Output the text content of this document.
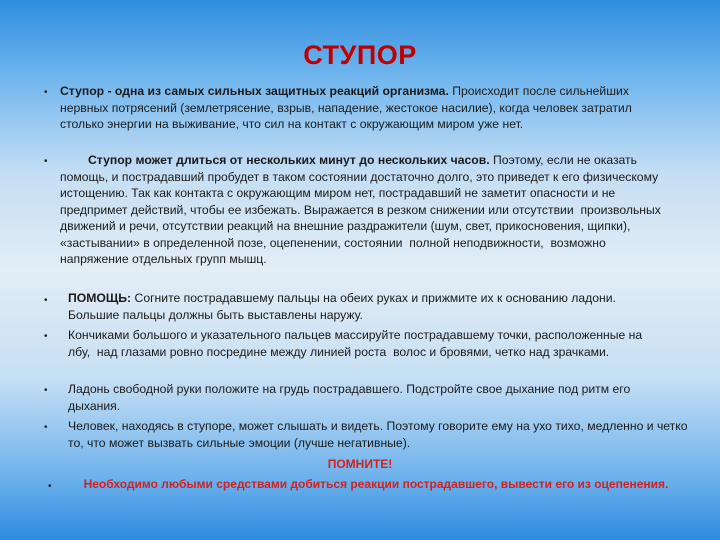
СТУПОР
• Ступор - одна из самых сильных защитных реакций организма. Происходит после сильнейших нервных потрясений (землетрясение, взрыв, нападение, жестокое насилие), когда человек затратил столько энергии на выживание, что сил на контакт с окружающим миром уже нет.
•	Ступор может длиться от нескольких минут до нескольких часов. Поэтому, если не оказать помощь, и пострадавший пробудет в таком состоянии достаточно долго, это приведет к его физическому истощению. Так как контакта с окружающим миром нет, пострадавший не заметит опасности и не предпримет действий, чтобы ее избежать. Выражается в резком снижении или отсутствии  произвольных движений и речи, отсутствии реакций на внешние раздражители (шум, свет, прикосновения, щипки), «застывании» в определенной позе, оцепенении, состоянии  полной неподвижности,  возможно напряжение отдельных групп мышц.
• ПОМОЩЬ: Согните пострадавшему пальцы на обеих руках и прижмите их к основанию ладони. Большие пальцы должны быть выставлены наружу.
• Кончиками большого и указательного пальцев массируйте пострадавшему точки, расположенные на лбу,  над глазами ровно посредине между линией роста  волос и бровями, четко над зрачками.
• Ладонь свободной руки положите на грудь пострадавшего. Подстройте свое дыхание под ритм его дыхания.
• Человек, находясь в ступоре, может слышать и видеть. Поэтому говорите ему на ухо тихо, медленно и четко то, что может вызвать сильные эмоции (лучше негативные).
ПОМНИТЕ!
•	Необходимо любыми средствами добиться реакции пострадавшего, вывести его из оцепенения.
